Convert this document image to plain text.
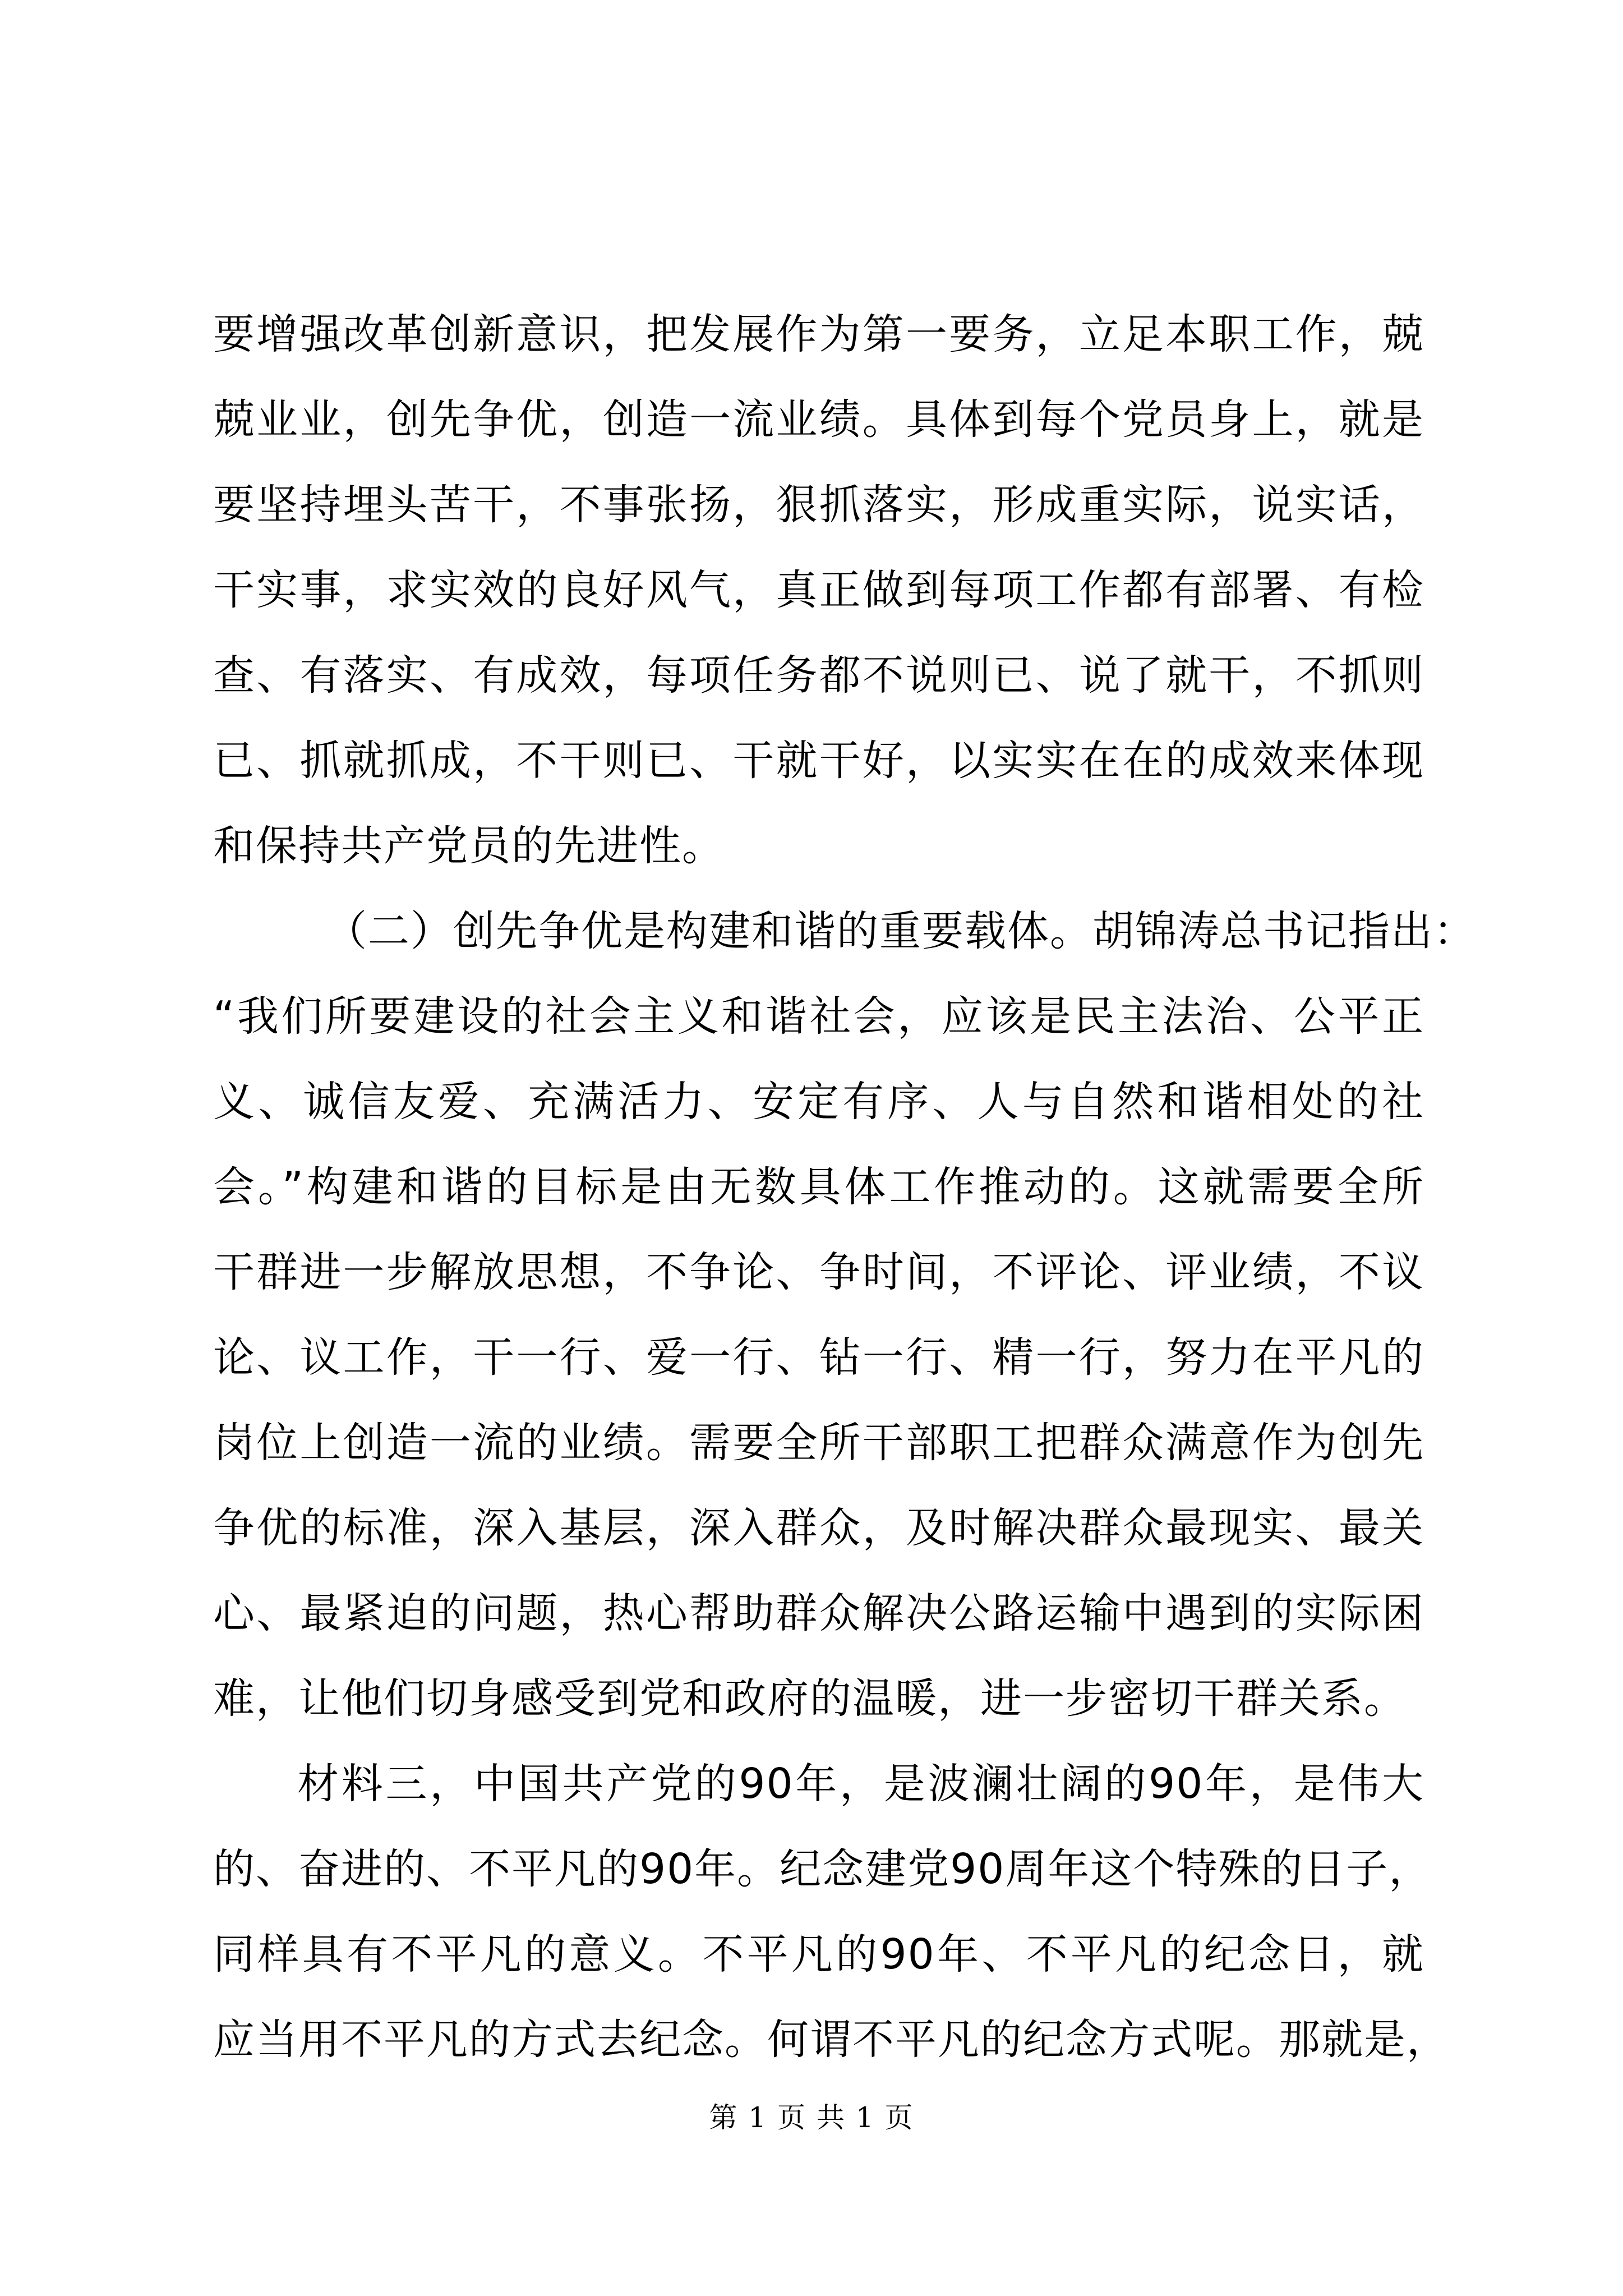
要增强改革创新意识，把发展作为第一要务，立足本职工作，兢
兢业业，创先争优，创造一流业绩。具体到每个党员身上，就是
要坚持埋头苦干，不事张扬，狠抓落实，形成重实际，说实话，
干实事，求实效的良好风气，真正做到每项工作都有部署、有检
查、有落实、有成效，每项任务都不说则已、说了就干，不抓则
已、抓就抓成，不干则已、干就干好，以实实在在的成效来体现
和保持共产党员的先进性。
（二）创先争优是构建和谐的重要载体。胡锦涛总书记指出：
“我们所要建设的社会主义和谐社会，应该是民主法治、公平正
义、诚信友爱、充满活力、安定有序、人与自然和谐相处的社
会。”构建和谐的目标是由无数具体工作推动的。这就需要全所
干群进一步解放思想，不争论、争时间，不评论、评业绩，不议
论、议工作，干一行、爱一行、钻一行、精一行，努力在平凡的
岗位上创造一流的业绩。需要全所干部职工把群众满意作为创先
争优的标准，深入基层，深入群众，及时解决群众最现实、最关
心、最紧迫的问题，热心帮助群众解决公路运输中遇到的实际困
难，让他们切身感受到党和政府的温暖，进一步密切干群关系。
材料三，中国共产党的90年，是波澜壮阔的90年，是伟大
的、奋进的、不平凡的90年。纪念建党90周年这个特殊的日子，
同样具有不平凡的意义。不平凡的90年、不平凡的纪念日，就
应当用不平凡的方式去纪念。何谓不平凡的纪念方式呢。那就是，
第 1 页 共 1 页
